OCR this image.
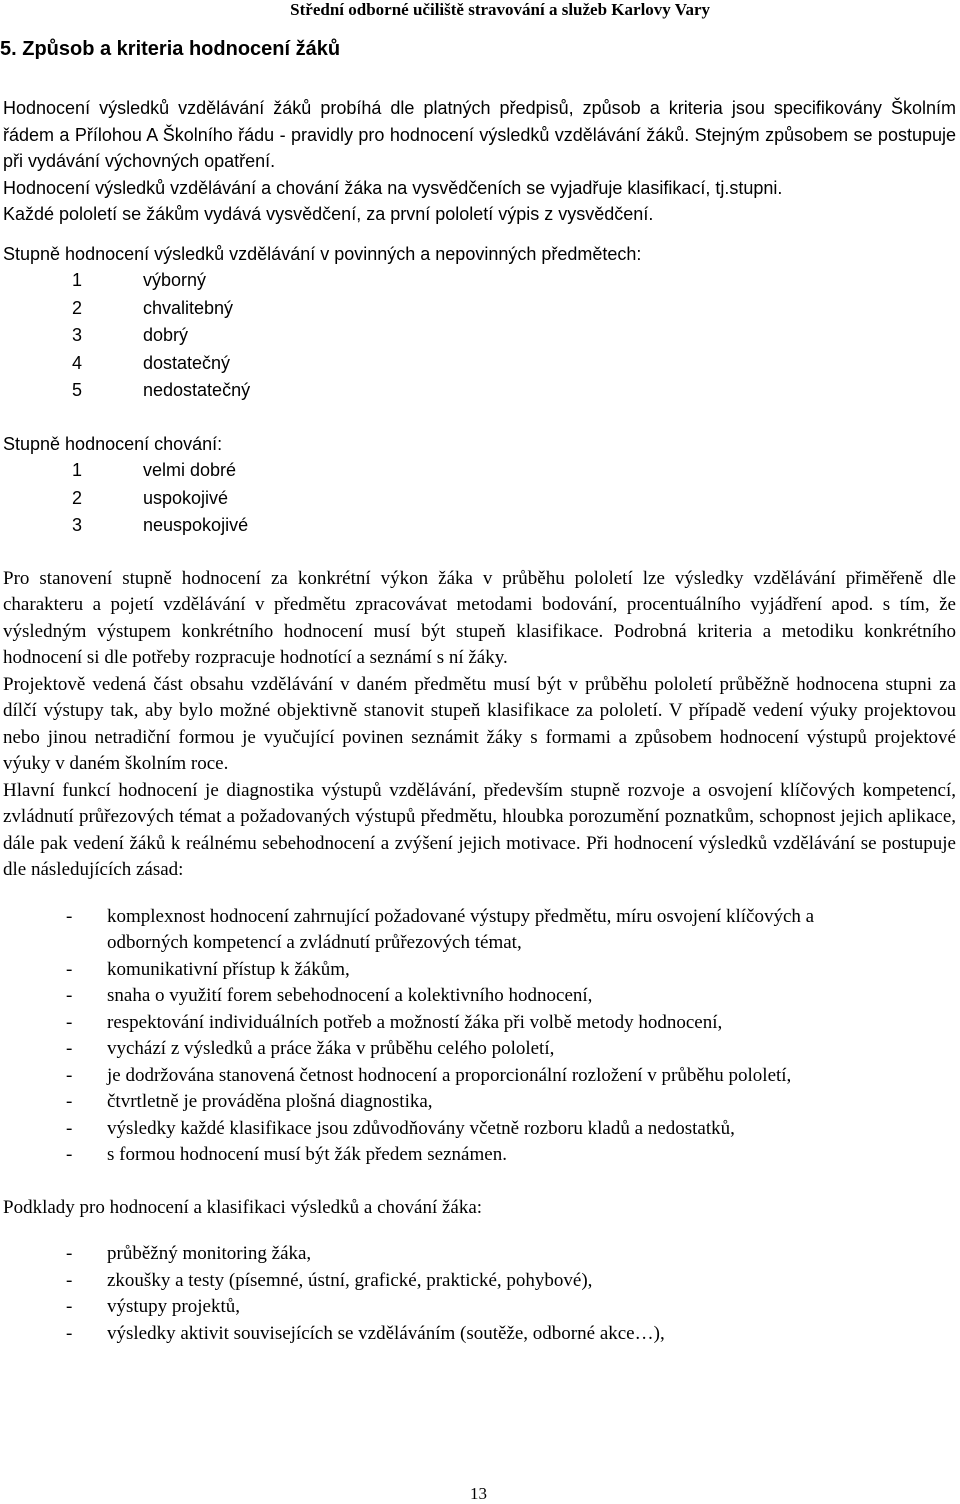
Střední odborné učiliště stravování a služeb Karlovy Vary
5. Způsob a kriteria hodnocení žáků

Hodnocení výsledků vzdělávání žáků probíhá dle platných předpisů, způsob a kriteria jsou specifikovány Školním řádem a Přílohou A Školního řádu - pravidly pro hodnocení výsledků vzdělávání žáků. Stejným způsobem se postupuje při vydávání výchovných opatření.

Hodnocení výsledků vzdělávání a chování žáka na vysvědčeních se vyjadřuje klasifikací, tj.stupni.

Každé pololetí se žákům vydává vysvědčení, za první pololetí výpis z vysvědčení.

Stupně hodnocení výsledků vzdělávání v povinných a nepovinných předmětech:

1	výborný
2	chvalitebný
3	dobrý
4	dostatečný
5	nedostatečný

Stupně hodnocení chování:

1	velmi dobré
2	uspokojivé
3	neuspokojivé

Pro stanovení stupně hodnocení za konkrétní výkon žáka v průběhu pololetí lze výsledky vzdělávání přiměřeně dle charakteru a pojetí vzdělávání v předmětu zpracovávat metodami bodování, procentuálního vyjádření apod. s tím, že výsledným výstupem konkrétního hodnocení musí být stupeň klasifikace. Podrobná kriteria a metodiku konkrétního hodnocení si dle potřeby rozpracuje hodnotící a seznámí s ní žáky.

Projektově vedená část obsahu vzdělávání v daném předmětu musí být v průběhu pololetí průběžně hodnocena stupni za dílčí výstupy tak, aby bylo možné objektivně stanovit stupeň klasifikace za pololetí. V případě vedení výuky projektovou nebo jinou netradiční formou je vyučující povinen seznámit žáky s formami a způsobem hodnocení výstupů projektové výuky v daném školním roce.

Hlavní funkcí hodnocení je diagnostika výstupů vzdělávání, především stupně rozvoje a osvojení klíčových kompetencí, zvládnutí průřezových témat a požadovaných výstupů předmětu, hloubka porozumění poznatkům, schopnost jejich aplikace, dále pak vedení žáků k reálnému sebehodnocení a zvýšení jejich motivace. Při hodnocení výsledků vzdělávání se postupuje dle následujících zásad:

-	komplexnost hodnocení zahrnující požadované výstupy předmětu, míru osvojení klíčových a odborných kompetencí a zvládnutí průřezových témat,
-	komunikativní přístup k žákům,
-	snaha o využití forem sebehodnocení a kolektivního hodnocení,
-	respektování individuálních potřeb a možností žáka při volbě metody hodnocení,
-	vychází z výsledků a práce žáka v průběhu celého pololetí,
-	je dodržována stanovená četnost hodnocení a proporcionální rozložení v průběhu pololetí,
-	čtvrtletně je prováděna plošná diagnostika,
-	výsledky každé klasifikace jsou zdůvodňovány včetně rozboru kladů a nedostatků,
-	s formou hodnocení musí být žák předem seznámen.

Podklady pro hodnocení a klasifikaci výsledků a chování žáka:

-	průběžný monitoring žáka,
-	zkoušky a testy (písemné, ústní, grafické, praktické, pohybové),
-	výstupy projektů,
-	výsledky aktivit souvisejících se vzděláváním (soutěže, odborné akce…),
13
